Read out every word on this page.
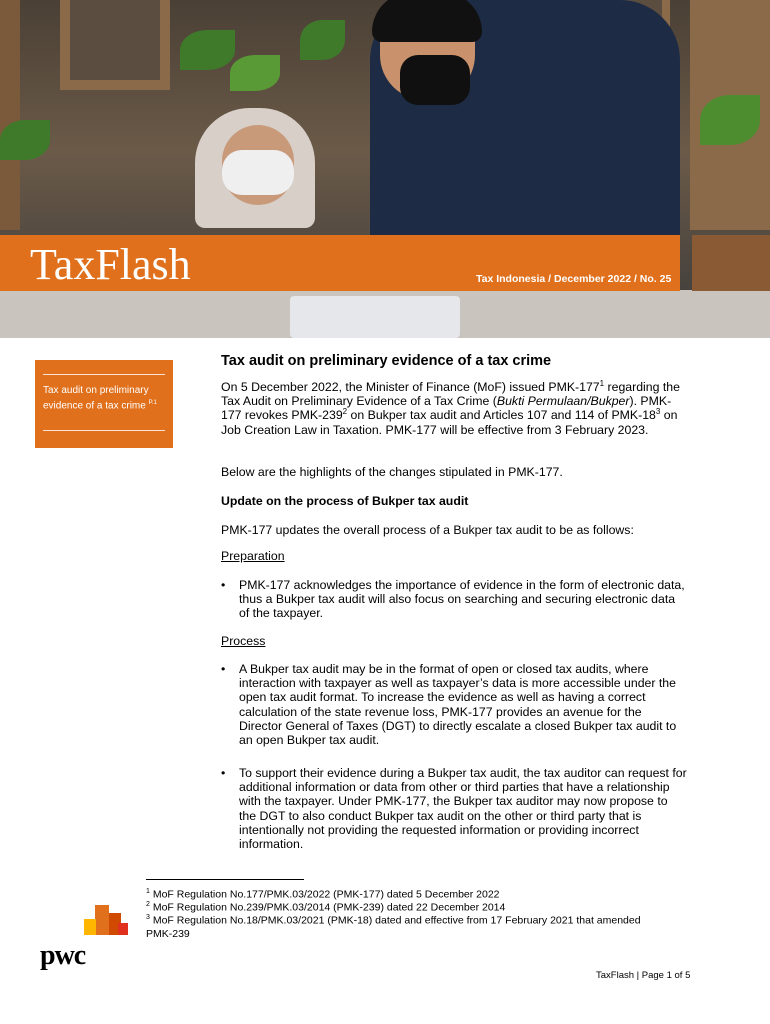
TaxFlash	Tax Indonesia / December 2022 / No. 25
Tax audit on preliminary evidence of a tax crime $^{P.1}$
Tax audit on preliminary evidence of a tax crime

On 5 December 2022, the Minister of Finance (MoF) issued PMK-$177^1$ regarding the Tax Audit on Preliminary Evidence of a Tax Crime (Bukti Permulaan/Bukper). PMK-177 revokes PMK-$239^2$ on Bukper tax audit and Articles 107 and 114 of PMK-$18^3$ on Job Creation Law in Taxation. PMK-177 will be effective from 3 February 2023.

Below are the highlights of the changes stipulated in PMK-177.

Update on the process of Bukper tax audit

PMK-177 updates the overall process of a Bukper tax audit to be as follows:

Preparation

• PMK-177 acknowledges the importance of evidence in the form of electronic data, thus a Bukper tax audit will also focus on searching and securing electronic data of the taxpayer.

Process

• A Bukper tax audit may be in the format of open or closed tax audits, where interaction with taxpayer as well as taxpayer’s data is more accessible under the open tax audit format. To increase the evidence as well as having a correct calculation of the state revenue loss, PMK-177 provides an avenue for the Director General of Taxes (DGT) to directly escalate a closed Bukper tax audit to an open Bukper tax audit.

• To support their evidence during a Bukper tax audit, the tax auditor can request for additional information or data from other or third parties that have a relationship with the taxpayer. Under PMK-177, the Bukper tax auditor may now propose to the DGT to also conduct Bukper tax audit on the other or third party that is intentionally not providing the requested information or providing incorrect information.

$^1$ MoF Regulation No.177/PMK.03/2022 (PMK-177) dated 5 December 2022
$^2$ MoF Regulation No.239/PMK.03/2014 (PMK-239) dated 22 December 2014
$^3$ MoF Regulation No.18/PMK.03/2021 (PMK-18) dated and effective from 17 February 2021 that amended PMK-239
pwc
TaxFlash | Page 1 of 5
